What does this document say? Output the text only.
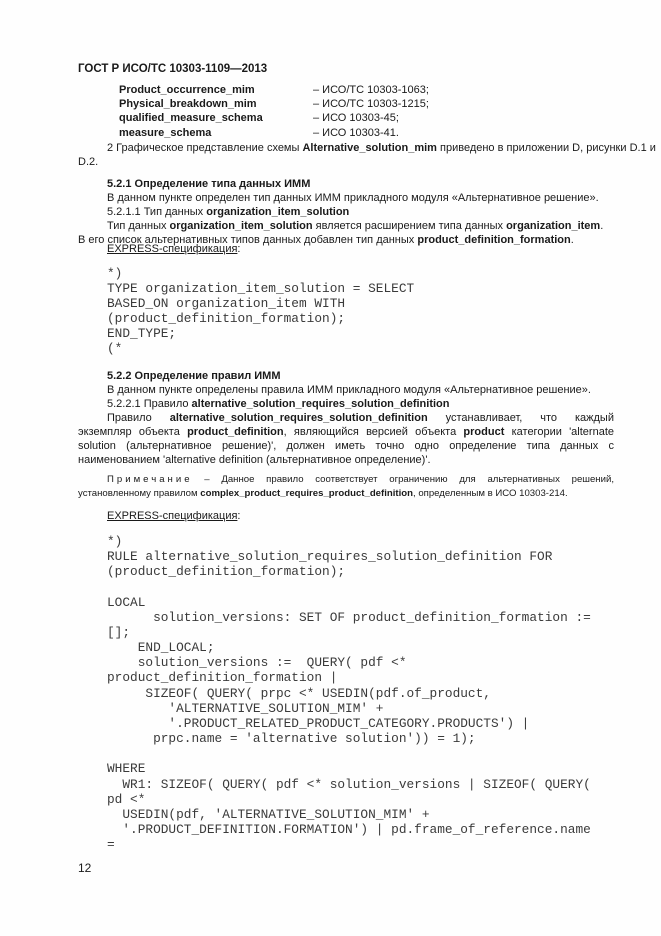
ГОСТ Р ИСО/ТС 10303-1109—2013
Product_occurrence_mim	– ИСО/ТС 10303-1063;
Physical_breakdown_mim	– ИСО/ТС 10303-1215;
qualified_measure_schema	– ИСО 10303-45;
measure_schema	– ИСО 10303-41.
2 Графическое представление схемы Alternative_solution_mim приведено в приложении D, рисунки D.1 и
D.2.
5.2.1 Определение типа данных ИММ
В данном пункте определен тип данных ИММ прикладного модуля «Альтернативное решение».
5.2.1.1 Тип данных organization_item_solution
Тип данных organization_item_solution является расширением типа данных organization_item.
В его список альтернативных типов данных добавлен тип данных product_definition_formation.
EXPRESS-спецификация:
*)
TYPE organization_item_solution = SELECT
BASED_ON organization_item WITH
(product_definition_formation);
END_TYPE;
(*
5.2.2 Определение правил ИММ
В данном пункте определены правила ИММ прикладного модуля «Альтернативное решение».
5.2.2.1 Правило alternative_solution_requires_solution_definition
Правило alternative_solution_requires_solution_definition устанавливает, что каждый
экземпляр объекта product_definition, являющийся версией объекта product категории 'alternate
solution (альтернативное решение)', должен иметь точно одно определение типа данных с
наименованием 'alternative definition (альтернативное определение)'.
Примечание – Данное правило соответствует ограничению для альтернативных решений,
установленному правилом complex_product_requires_product_definition, определенным в ИСО 10303-214.
EXPRESS-спецификация:
*)
RULE alternative_solution_requires_solution_definition FOR
(product_definition_formation);

LOCAL
solution_versions: SET OF product_definition_formation :=
[];
END_LOCAL;
solution_versions :=  QUERY( pdf <*
product_definition_formation |
SIZEOF( QUERY( prpc <* USEDIN(pdf.of_product,
'ALTERNATIVE_SOLUTION_MIM' +
'.PRODUCT_RELATED_PRODUCT_CATEGORY.PRODUCTS') |
prpc.name = 'alternative solution')) = 1);

WHERE
WR1: SIZEOF( QUERY( pdf <* solution_versions | SIZEOF( QUERY(
pd <*
USEDIN(pdf, 'ALTERNATIVE_SOLUTION_MIM' +
'.PRODUCT_DEFINITION.FORMATION') | pd.frame_of_reference.name
=
12
